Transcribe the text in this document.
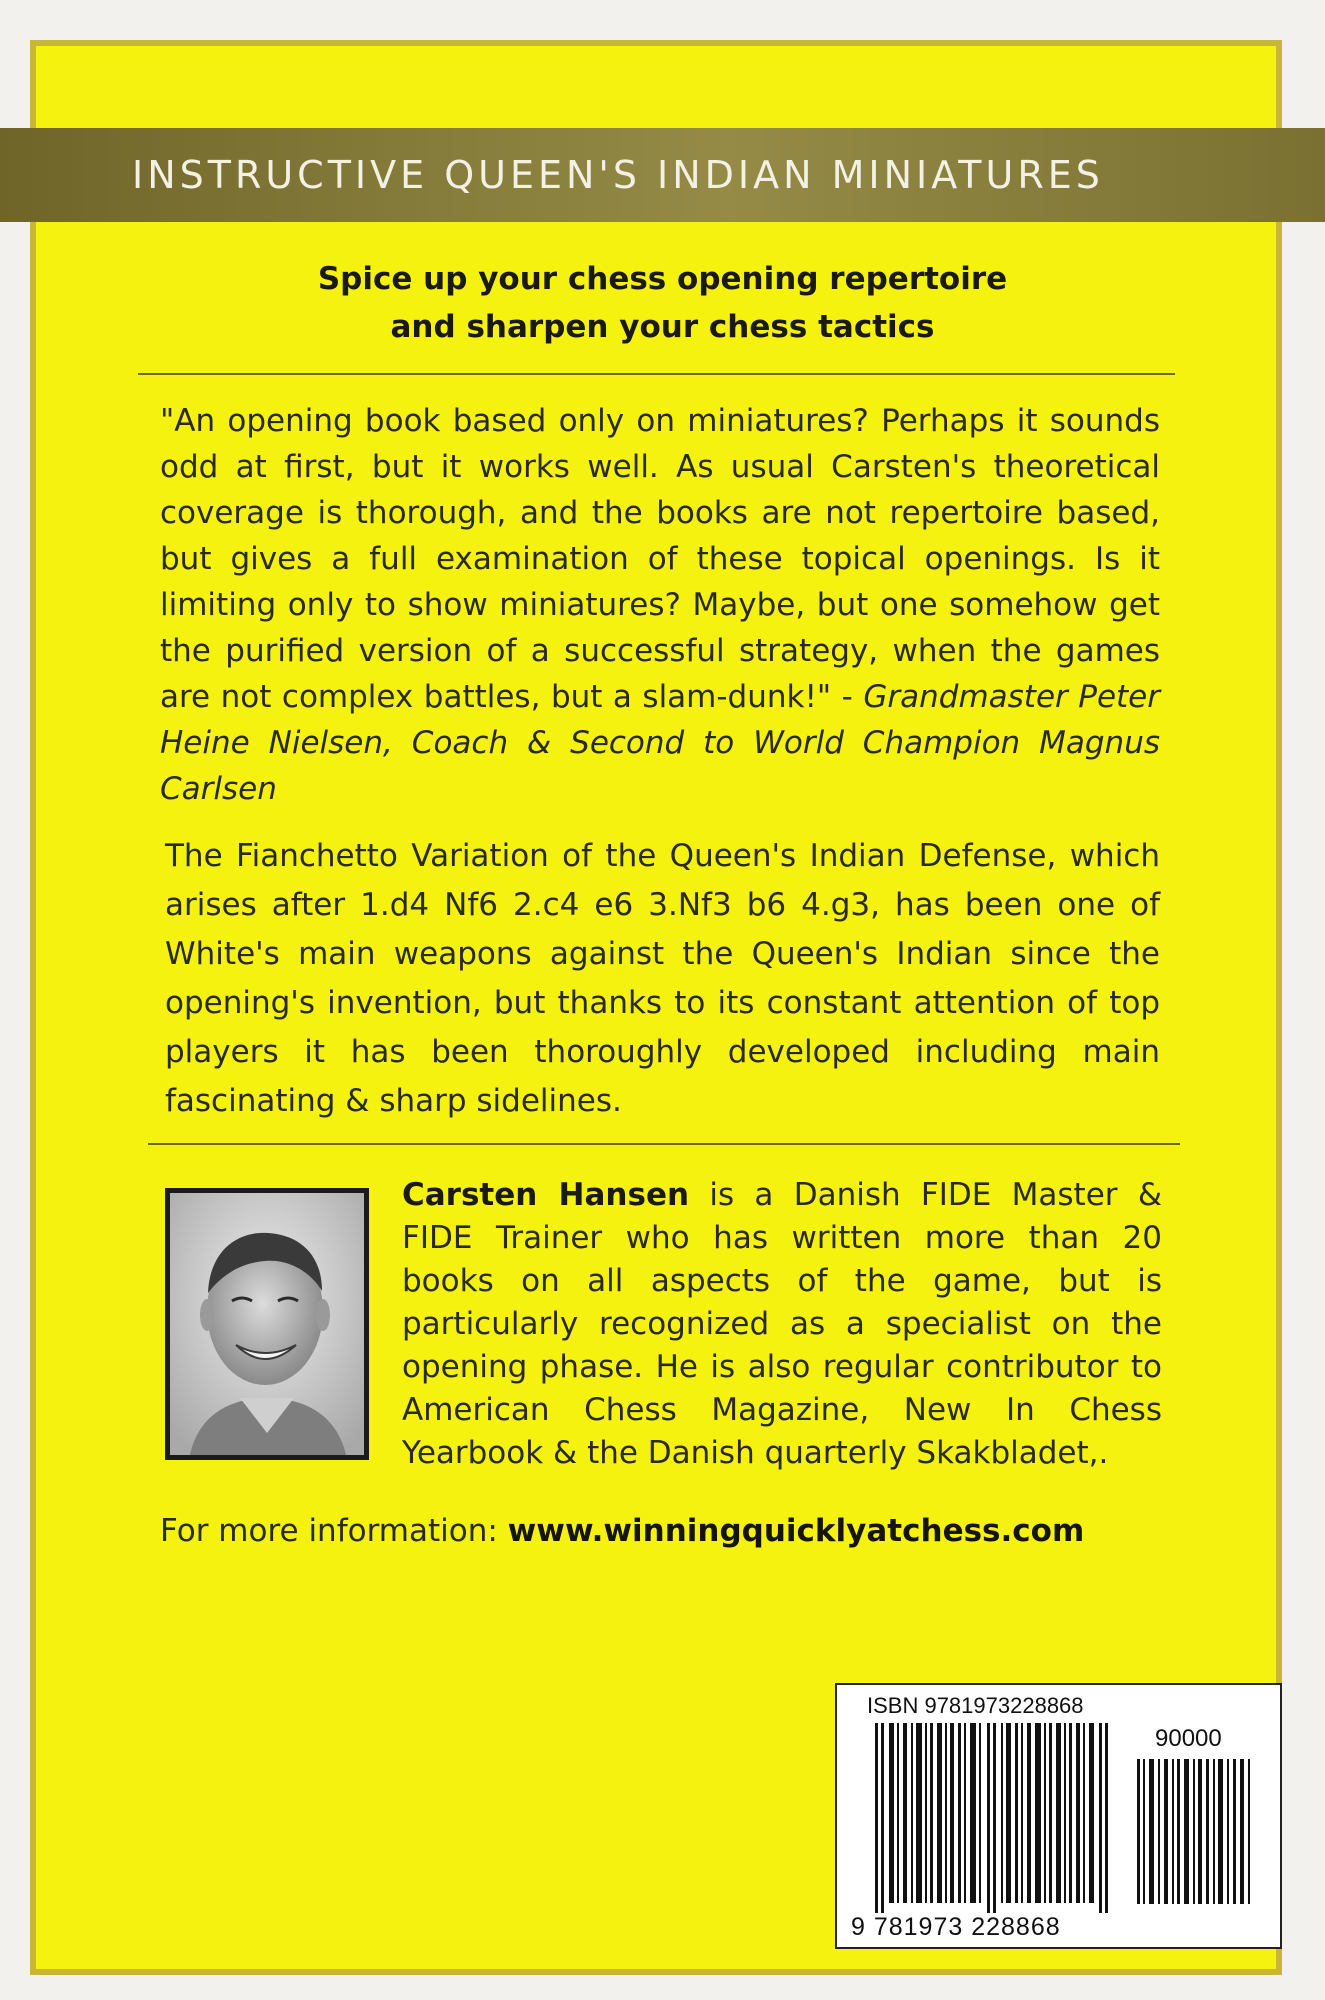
INSTRUCTIVE QUEEN'S INDIAN MINIATURES
Spice up your chess opening repertoire
and sharpen your chess tactics
"An opening book based only on miniatures? Perhaps it sounds odd at first, but it works well. As usual Carsten's theoretical coverage is thorough, and the books are not repertoire based, but gives a full examination of these topical openings. Is it limiting only to show miniatures? Maybe, but one somehow get the purified version of a successful strategy, when the games are not complex battles, but a slam-dunk!" - Grandmaster Peter Heine Nielsen, Coach & Second to World Champion Magnus Carlsen
The Fianchetto Variation of the Queen's Indian Defense, which arises after 1.d4 Nf6 2.c4 e6 3.Nf3 b6 4.g3, has been one of White's main weapons against the Queen's Indian since the opening's invention, but thanks to its constant attention of top players it has been thoroughly developed including main fascinating & sharp sidelines.
Carsten Hansen is a Danish FIDE Master & FIDE Trainer who has written more than 20 books on all aspects of the game, but is particularly recognized as a specialist on the opening phase. He is also regular contributor to American Chess Magazine, New In Chess Yearbook & the Danish quarterly Skakbladet,.
For more information: www.winningquicklyatchess.com
ISBN 9781973228868
90000
9 781973 228868
